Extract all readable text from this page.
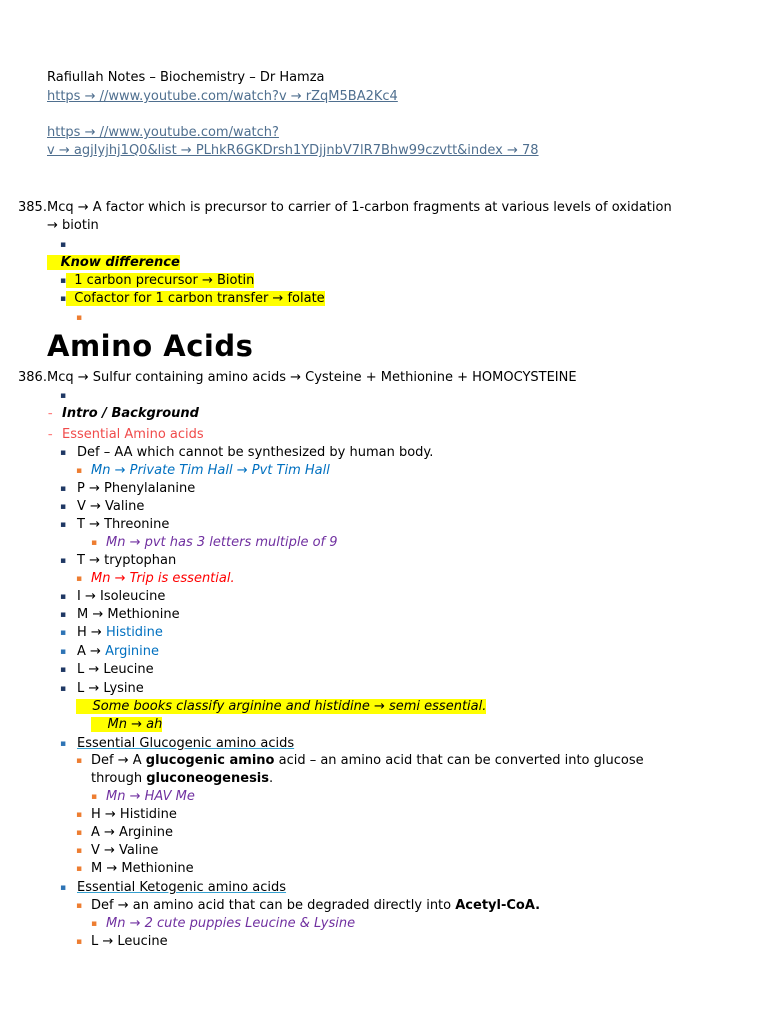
Rafiullah Notes – Biochemistry – Dr Hamza
https → //www.youtube.com/watch?v → rZqM5BA2Kc4
https → //www.youtube.com/watch?
v → agjIyjhj1Q0&list → PLhkR6GKDrsh1YDjjnbV7lR7Bhw99czvtt&index → 78
385. Mcq → A factor which is precursor to carrier of 1-carbon fragments at various levels of oxidation
→ biotin
▪
Know difference
▪ 1 carbon precursor → Biotin
▪ Cofactor for 1 carbon transfer → folate
▪
Amino Acids
386. Mcq → Sulfur containing amino acids → Cysteine + Methionine + HOMOCYSTEINE
▪
– Intro / Background
– Essential Amino acids
▪ Def – AA which cannot be synthesized by human body.
▪ Mn → Private Tim Hall → Pvt Tim Hall
▪ P → Phenylalanine
▪ V → Valine
▪ T → Threonine
▪ Mn → pvt has 3 letters multiple of 9
▪ T → tryptophan
▪ Mn → Trip is essential.
▪ I → Isoleucine
▪ M → Methionine
▪ H → Histidine
▪ A → Arginine
▪ L → Leucine
▪ L → Lysine
Some books classify arginine and histidine → semi essential.
Mn → ah
▪ Essential Glucogenic amino acids
▪ Def → A glucogenic amino acid – an amino acid that can be converted into glucose
through gluconeogenesis.
▪ Mn → HAV Me
▪ H → Histidine
▪ A → Arginine
▪ V → Valine
▪ M → Methionine
▪ Essential Ketogenic amino acids
▪ Def → an amino acid that can be degraded directly into Acetyl-CoA.
▪ Mn → 2 cute puppies Leucine & Lysine
▪ L → Leucine
